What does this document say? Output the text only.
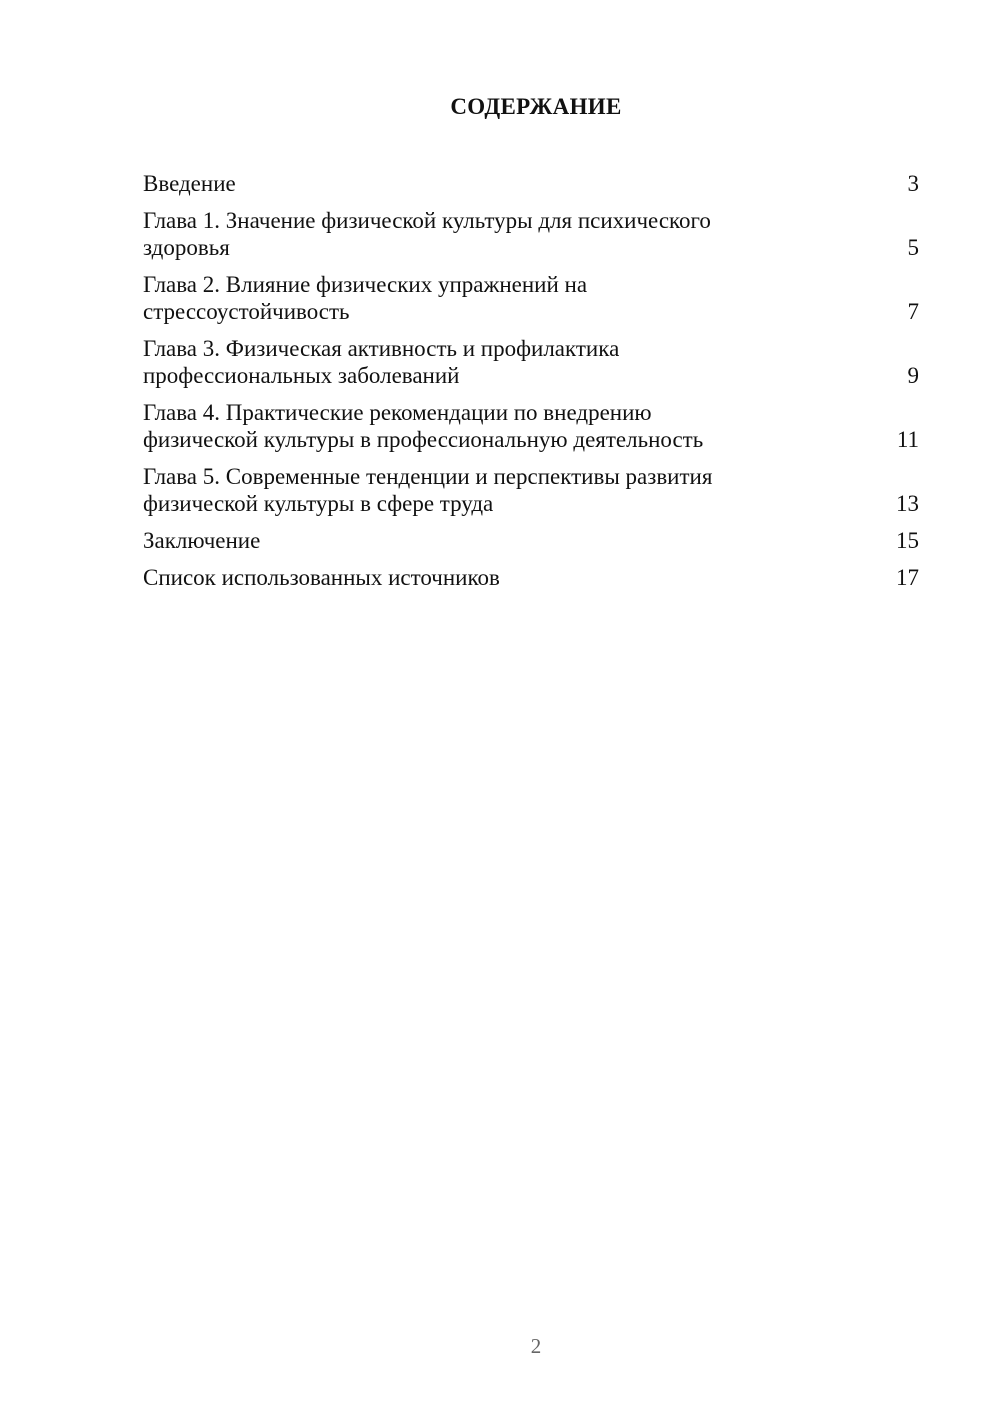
СОДЕРЖАНИЕ
Введение	3
Глава 1. Значение физической культуры для психического
здоровья	5
Глава 2. Влияние физических упражнений на
стрессоустойчивость	7
Глава 3. Физическая активность и профилактика
профессиональных заболеваний	9
Глава 4. Практические рекомендации по внедрению
физической культуры в профессиональную деятельность	11
Глава 5. Современные тенденции и перспективы развития
физической культуры в сфере труда	13
Заключение	15
Список использованных источников	17
2
